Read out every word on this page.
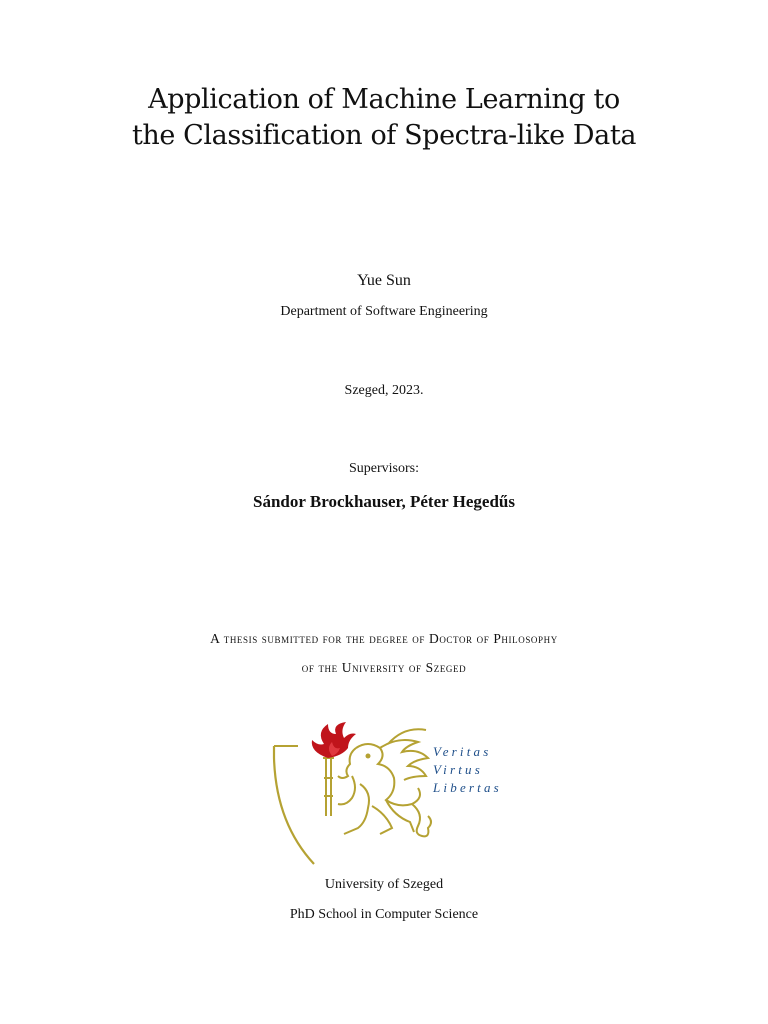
Application of Machine Learning to
the Classification of Spectra-like Data
Yue Sun
Department of Software Engineering
Szeged, 2023.
Supervisors:
Sándor Brockhauser, Péter Hegedűs
A thesis submitted for the degree of Doctor of Philosophy
of the University of Szeged
Veritas
Virtus
Libertas
University of Szeged
PhD School in Computer Science
